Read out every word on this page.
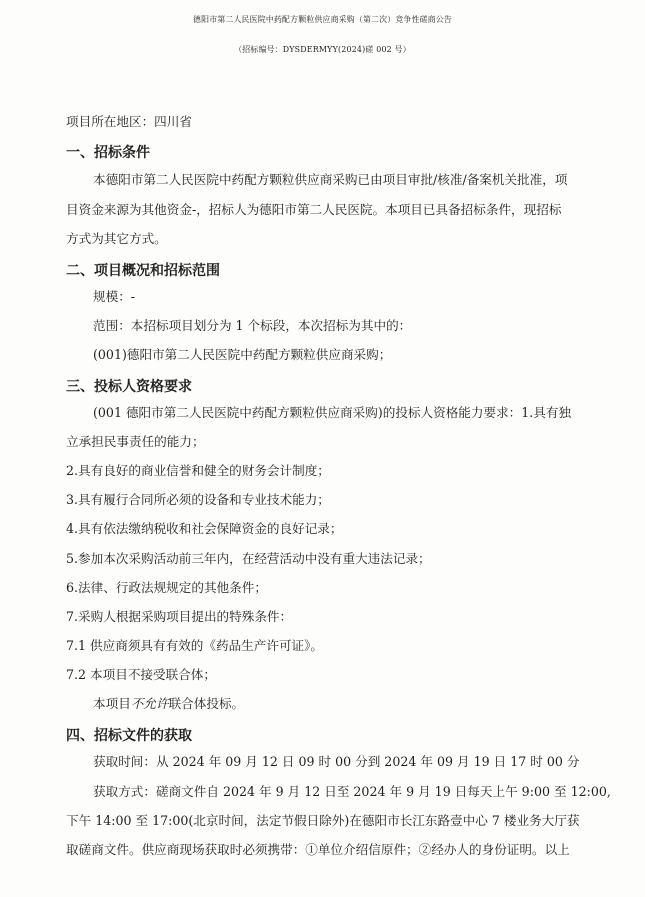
德阳市第二人民医院中药配方颗粒供应商采购（第二次）竞争性磋商公告
（招标编号：DYSDERMYY(2024)磋 002 号）
项目所在地区：四川省
一、招标条件
本德阳市第二人民医院中药配方颗粒供应商采购已由项目审批/核准/备案机关批准，项
目资金来源为其他资金-，招标人为德阳市第二人民医院。本项目已具备招标条件，现招标
方式为其它方式。
二、项目概况和招标范围
规模：-
范围：本招标项目划分为 1 个标段，本次招标为其中的：
(001)德阳市第二人民医院中药配方颗粒供应商采购；
三、投标人资格要求
(001 德阳市第二人民医院中药配方颗粒供应商采购)的投标人资格能力要求：1.具有独
立承担民事责任的能力；
2.具有良好的商业信誉和健全的财务会计制度；
3.具有履行合同所必须的设备和专业技术能力；
4.具有依法缴纳税收和社会保障资金的良好记录；
5.参加本次采购活动前三年内，在经营活动中没有重大违法记录；
6.法律、行政法规规定的其他条件；
7.采购人根据采购项目提出的特殊条件：
7.1 供应商须具有有效的《药品生产许可证》。
7.2 本项目不接受联合体；
本项目不允许联合体投标。
四、招标文件的获取
获取时间：从 2024 年 09 月 12 日 09 时 00 分到 2024 年 09 月 19 日 17 时 00 分
获取方式：磋商文件自 2024 年 9 月 12 日至 2024 年 9 月 19 日每天上午 9:00 至 12:00,
下午 14:00 至 17:00(北京时间，法定节假日除外)在德阳市长江东路壹中心 7 楼业务大厅获
取磋商文件。供应商现场获取时必须携带：①单位介绍信原件；②经办人的身份证明。以上
